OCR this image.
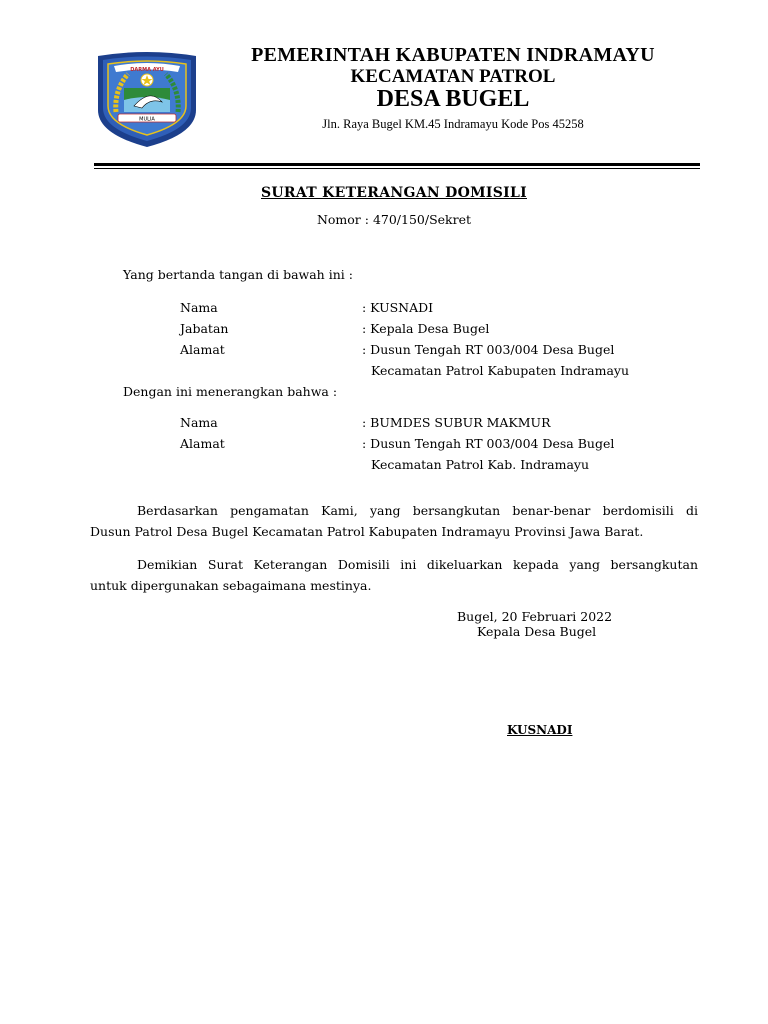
DARMA AYU
MULIA
PEMERINTAH KABUPATEN INDRAMAYU
KECAMATAN PATROL
DESA BUGEL
Jln. Raya Bugel KM.45 Indramayu Kode Pos 45258
SURAT KETERANGAN DOMISILI
Nomor : 470/150/Sekret
Yang bertanda tangan di bawah ini :
Nama	: KUSNADI
Jabatan	: Kepala Desa Bugel
Alamat	: Dusun Tengah RT 003/004 Desa Bugel
Kecamatan Patrol Kabupaten Indramayu
Dengan ini menerangkan bahwa :
Nama	: BUMDES SUBUR MAKMUR
Alamat	: Dusun Tengah RT 003/004 Desa Bugel
Kecamatan Patrol Kab. Indramayu
Berdasarkan pengamatan Kami, yang bersangkutan benar-benar berdomisili di
Dusun Patrol Desa Bugel Kecamatan Patrol Kabupaten Indramayu Provinsi Jawa Barat.
Demikian Surat Keterangan Domisili ini dikeluarkan kepada yang bersangkutan
untuk dipergunakan sebagaimana mestinya.
Bugel, 20 Februari 2022
Kepala Desa Bugel
KUSNADI
